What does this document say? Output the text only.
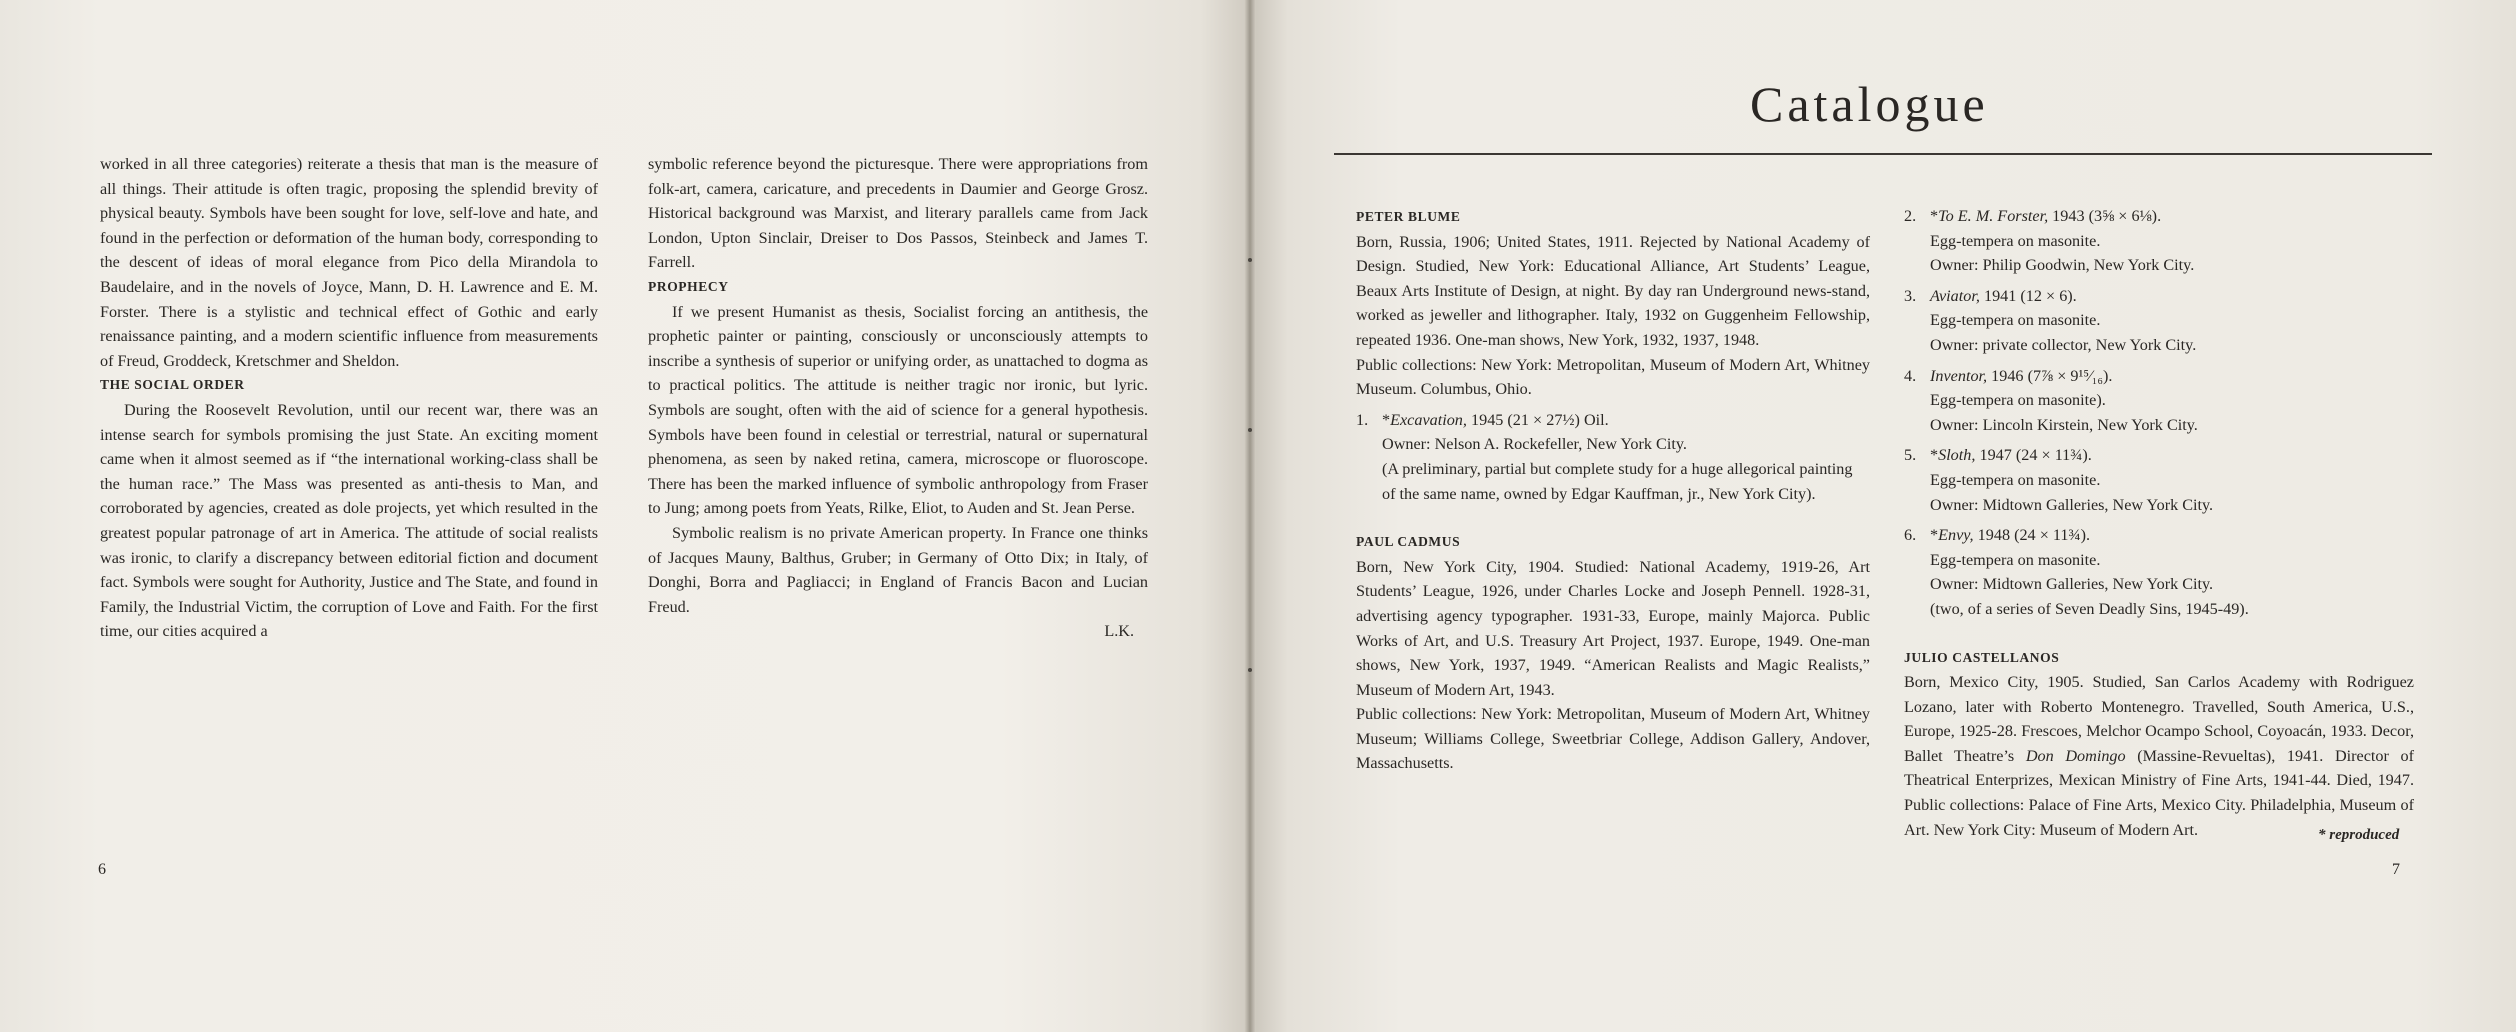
worked in all three categories) reiterate a thesis that man is the measure of all things. Their attitude is often tragic, proposing the splendid brevity of physical beauty. Symbols have been sought for love, self-love and hate, and found in the perfection or deformation of the human body, corresponding to the descent of ideas of moral elegance from Pico della Mirandola to Baudelaire, and in the novels of Joyce, Mann, D. H. Lawrence and E. M. Forster. There is a stylistic and technical effect of Gothic and early renaissance painting, and a modern scientific influence from measurements of Freud, Groddeck, Kretschmer and Sheldon.

THE SOCIAL ORDER

During the Roosevelt Revolution, until our recent war, there was an intense search for symbols promising the just State. An exciting moment came when it almost seemed as if “the international working-class shall be the human race.” The Mass was presented as anti-thesis to Man, and corroborated by agencies, created as dole projects, yet which resulted in the greatest popular patronage of art in America. The attitude of social realists was ironic, to clarify a discrepancy between editorial fiction and document fact. Symbols were sought for Authority, Justice and The State, and found in Family, the Industrial Victim, the corruption of Love and Faith. For the first time, our cities acquired a

symbolic reference beyond the picturesque. There were appropriations from folk-art, camera, caricature, and precedents in Daumier and George Grosz. Historical background was Marxist, and literary parallels came from Jack London, Upton Sinclair, Dreiser to Dos Passos, Steinbeck and James T. Farrell.

PROPHECY

If we present Humanist as thesis, Socialist forcing an antithesis, the prophetic painter or painting, consciously or unconsciously attempts to inscribe a synthesis of superior or unifying order, as unattached to dogma as to practical politics. The attitude is neither tragic nor ironic, but lyric. Symbols are sought, often with the aid of science for a general hypothesis. Symbols have been found in celestial or terrestrial, natural or supernatural phenomena, as seen by naked retina, camera, microscope or fluoroscope. There has been the marked influence of symbolic anthropology from Fraser to Jung; among poets from Yeats, Rilke, Eliot, to Auden and St. Jean Perse.

Symbolic realism is no private American property. In France one thinks of Jacques Mauny, Balthus, Gruber; in Germany of Otto Dix; in Italy, of Donghi, Borra and Pagliacci; in England of Francis Bacon and Lucian Freud.

L.K.

6
Catalogue

PETER BLUME

Born, Russia, 1906; United States, 1911. Rejected by National Academy of Design. Studied, New York: Educational Alliance, Art Students’ League, Beaux Arts Institute of Design, at night. By day ran Underground news-stand, worked as jeweller and lithographer. Italy, 1932 on Guggenheim Fellowship, repeated 1936. One-man shows, New York, 1932, 1937, 1948.

Public collections: New York: Metropolitan, Museum of Modern Art, Whitney Museum. Columbus, Ohio.

1. *Excavation, 1945 (21 × 27½) Oil.
Owner: Nelson A. Rockefeller, New York City.
(A preliminary, partial but complete study for a huge allegorical painting of the same name, owned by Edgar Kauffman, jr., New York City).

PAUL CADMUS

Born, New York City, 1904. Studied: National Academy, 1919-26, Art Students’ League, 1926, under Charles Locke and Joseph Pennell. 1928-31, advertising agency typographer. 1931-33, Europe, mainly Majorca. Public Works of Art, and U.S. Treasury Art Project, 1937. Europe, 1949. One-man shows, New York, 1937, 1949. “American Realists and Magic Realists,” Museum of Modern Art, 1943.

Public collections: New York: Metropolitan, Museum of Modern Art, Whitney Museum; Williams College, Sweetbriar College, Addison Gallery, Andover, Massachusetts.

2. *To E. M. Forster, 1943 (3⅝ × 6⅛).
Egg-tempera on masonite.
Owner: Philip Goodwin, New York City.
3. Aviator, 1941 (12 × 6).
Egg-tempera on masonite.
Owner: private collector, New York City.
4. Inventor, 1946 (7⅞ × 9¹⁵⁄₁₆).
Egg-tempera on masonite).
Owner: Lincoln Kirstein, New York City.
5. *Sloth, 1947 (24 × 11¾).
Egg-tempera on masonite.
Owner: Midtown Galleries, New York City.
6. *Envy, 1948 (24 × 11¾).
Egg-tempera on masonite.
Owner: Midtown Galleries, New York City.
(two, of a series of Seven Deadly Sins, 1945-49).

JULIO CASTELLANOS

Born, Mexico City, 1905. Studied, San Carlos Academy with Rodriguez Lozano, later with Roberto Montenegro. Travelled, South America, U.S., Europe, 1925-28. Frescoes, Melchor Ocampo School, Coyoacán, 1933. Decor, Ballet Theatre’s Don Domingo (Massine-Revueltas), 1941. Director of Theatrical Enterprizes, Mexican Ministry of Fine Arts, 1941-44. Died, 1947. Public collections: Palace of Fine Arts, Mexico City. Philadelphia, Museum of Art. New York City: Museum of Modern Art.	* reproduced
7
